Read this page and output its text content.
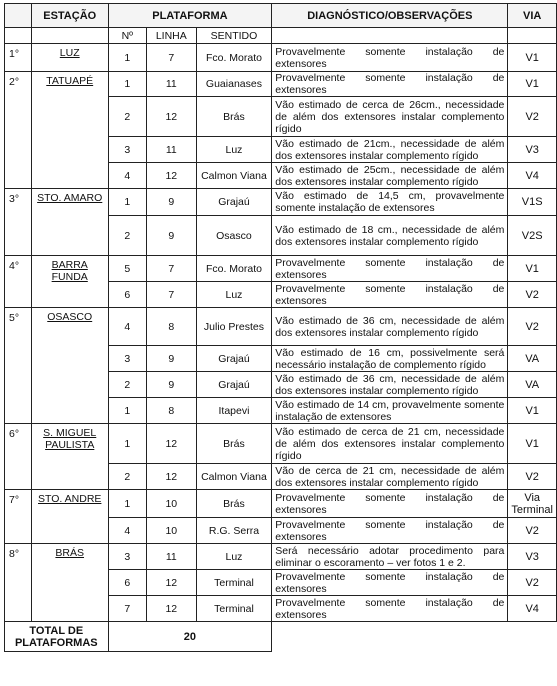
	ESTAÇÃO	PLATAFORMA			DIAGNÓSTICO/OBSERVAÇÕES	VIA
		Nº	LINHA	SENTIDO		
1°	LUZ	1	7	Fco. Morato	Provavelmente somente instalação de extensores	V1
2°	TATUAPÉ	1	11	Guaianases	Provavelmente somente instalação de extensores	V1
		2	12	Brás	Vão estimado de cerca de 26cm., necessidade de além dos extensores instalar complemento rígido	V2
		3	11	Luz	Vão estimado de 21cm., necessidade de além dos extensores instalar complemento rígido	V3
		4	12	Calmon Viana	Vão estimado de 25cm., necessidade de além dos extensores instalar complemento rígido	V4
3°	STO. AMARO	1	9	Grajaú	Vão estimado de 14,5 cm, provavelmente somente instalação de extensores	V1S
		2	9	Osasco	Vão estimado de 18 cm., necessidade de além dos extensores instalar complemento rígido	V2S
4°	BARRA FUNDA	5	7	Fco. Morato	Provavelmente somente instalação de extensores	V1
		6	7	Luz	Provavelmente somente instalação de extensores	V2
5°	OSASCO	4	8	Julio Prestes	Vão estimado de 36 cm, necessidade de além dos extensores instalar complemento rígido	V2
		3	9	Grajaú	Vão estimado de 16 cm, possivelmente será necessário instalação de complemento rígido	VA
		2	9	Grajaú	Vão estimado de 36 cm, necessidade de além dos extensores instalar complemento rígido	VA
		1	8	Itapevi	Vão estimado de 14 cm, provavelmente somente instalação de extensores	V1
6°	S. MIGUEL PAULISTA	1	12	Brás	Vão estimado de cerca de 21 cm, necessidade de além dos extensores instalar complemento rígido	V1
		2	12	Calmon Viana	Vão de cerca de 21 cm, necessidade de além dos extensores instalar complemento rígido	V2
7°	STO. ANDRE	1	10	Brás	Provavelmente somente instalação de extensores	Via Terminal
		4	10	R.G. Serra	Provavelmente somente instalação de extensores	V2
8°	BRÁS	3	11	Luz	Será necessário adotar procedimento para eliminar o escoramento – ver fotos 1 e 2.	V3
		6	12	Terminal	Provavelmente somente instalação de extensores	V2
		7	12	Terminal	Provavelmente somente instalação de extensores	V4
TOTAL DE PLATAFORMAS		20				
